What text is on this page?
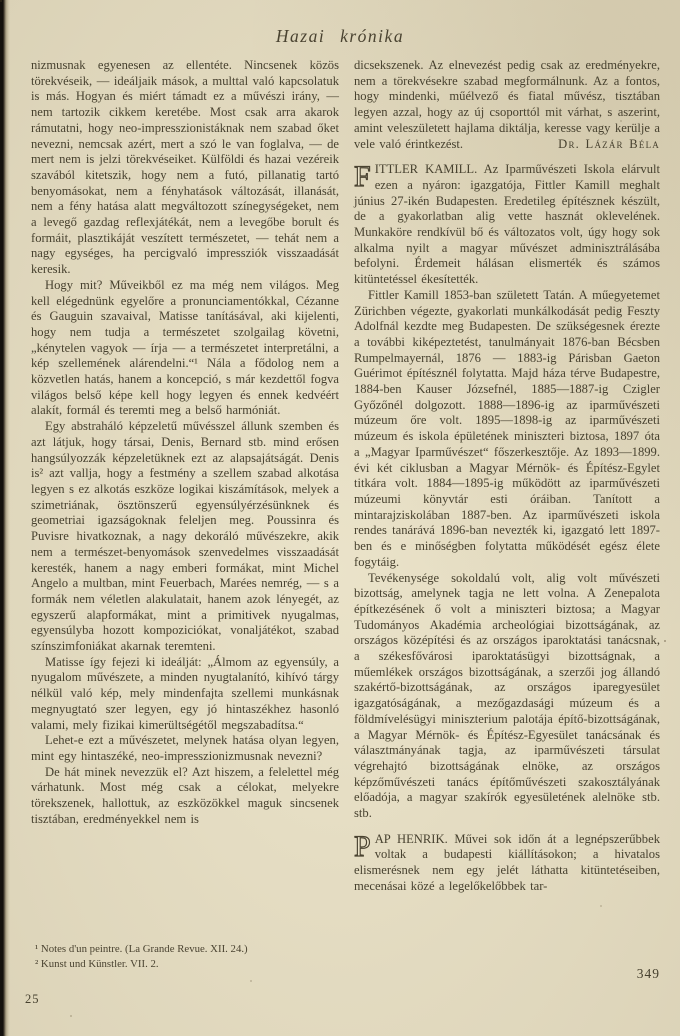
Hazai krónika

nizmusnak egyenesen az ellentéte. Nincsenek közös törekvéseik, — ideáljaik mások, a multtal való kapcsolatuk is más. Hogyan és miért támadt ez a művészi irány, — nem tartozik cikkem keretébe. Most csak arra akarok rámutatni, hogy neo-impresszionistáknak nem szabad őket nevezni, nemcsak azért, mert a szó le van foglalva, — de mert nem is jelzi törekvéseiket. Külföldi és hazai vezéreik szavából kitetszik, hogy nem a futó, pillanatig tartó benyomásokat, nem a fényhatások változását, illanását, nem a fény hatása alatt megváltozott színegységeket, nem a levegő gazdag reflexjátékát, nem a levegőbe borult és formáit, plasztikáját veszített természetet, — tehát nem a nagy egységes, ha percigvaló impressziók visszaadását keresik.

Hogy mit? Műveikből ez ma még nem világos. Meg kell elégednünk egyelőre a pronunciamentókkal, Cézanne és Gauguin szavaival, Matisse tanításával, aki kijelenti, hogy nem tudja a természetet szolgailag követni, „kénytelen vagyok — írja — a természetet interpretálni, a kép szellemének alárendelni.“¹ Nála a fődolog nem a közvetlen hatás, hanem a koncepció, s már kezdettől fogva világos belső képe kell hogy legyen és ennek kedvéért alakít, formál és teremti meg a belső harmóniát.

Egy abstraháló képzeletű művésszel állunk szemben és azt látjuk, hogy társai, Denis, Bernard stb. mind erősen hangsúlyozzák képzeletüknek ezt az alapsajátságát. Denis is² azt vallja, hogy a festmény a szellem szabad alkotása legyen s ez alkotás eszköze logikai kiszámítások, melyek a szimetriának, ösztönszerű egyensúlyérzésünknek és geometriai igazságoknak feleljen meg. Poussinra és Puvisre hivatkoznak, a nagy dekoráló művészekre, akik nem a természet-benyomások szenvedelmes visszaadását keresték, hanem a nagy emberi formákat, mint Michel Angelo a multban, mint Feuerbach, Marées nemrég, — s a formák nem véletlen alakulatait, hanem azok lényegét, az egyszerű alapformákat, mint a primitivek nyugalmas, egyensúlyba hozott kompoziciókat, vonaljátékot, szabad színszimfoniákat akarnak teremteni.

Matisse így fejezi ki ideálját: „Álmom az egyensúly, a nyugalom művészete, a minden nyugtalanító, kihívó tárgy nélkül való kép, mely mindenfajta szellemi munkásnak megnyugtató szer legyen, egy jó hintaszékhez hasonló valami, mely fizikai kimerültségétől megszabadítsa.“

Lehet-e ezt a művészetet, melynek hatása olyan legyen, mint egy hintaszéké, neo-impresszionizmusnak nevezni?

De hát minek nevezzük el? Azt hiszem, a felelettel még várhatunk. Most még csak a célokat, melyekre törekszenek, hallottuk, az eszközökkel maguk sincsenek tisztában, eredményekkel nem is

dicsekszenek. Az elnevezést pedig csak az eredményekre, nem a törekvésekre szabad megformálnunk. Az a fontos, hogy mindenki, műélvező és fiatal művész, tisztában legyen azzal, hogy az új csoporttól mit várhat, s aszerint, amint veleszületett hajlama diktálja, keresse vagy kerülje a vele való érintkezést.	Dr. Lázár Béla

FITTLER KAMILL. Az Iparművészeti Iskola elárvult ezen a nyáron: igazgatója, Fittler Kamill meghalt június 27-ikén Budapesten. Eredetileg építésznek készült, de a gyakorlatban alig vette hasznát oklevelének. Munkaköre rendkívül bő és változatos volt, úgy hogy sok alkalma nyilt a magyar művészet adminisztrálásába befolyni. Érdemeit hálásan elismerték és számos kitüntetéssel ékesítették.

Fittler Kamill 1853-ban született Tatán. A műegyetemet Zürichben végezte, gyakorlati munkálkodását pedig Feszty Adolfnál kezdte meg Budapesten. De szükségesnek érezte a további kiképeztetést, tanulmányait 1876-ban Bécsben Rumpelmayernál, 1876 — 1883-ig Párisban Gaeton Guérimot építésznél folytatta. Majd háza térve Budapestre, 1884-ben Kauser Józsefnél, 1885—1887-ig Czigler Győzőnél dolgozott. 1888—1896-ig az iparművészeti múzeum őre volt. 1895—1898-ig az iparművészeti múzeum és iskola épületének miniszteri biztosa, 1897 óta a „Magyar Iparművészet“ főszerkesztője. Az 1893—1899. évi két ciklusban a Magyar Mérnök- és Építész-Egylet titkára volt. 1884—1895-ig működött az iparművészeti múzeumi könyvtár esti óráiban. Tanított a mintarajziskolában 1887-ben. Az iparművészeti iskola rendes tanárává 1896-ban nevezték ki, igazgató lett 1897-ben és e minőségben folytatta működését egész élete fogytáig.

Tevékenysége sokoldalú volt, alig volt művészeti bizottság, amelynek tagja ne lett volna. A Zenepalota építkezésének ő volt a miniszteri biztosa; a Magyar Tudományos Akadémia archeológiai bizottságának, az országos középítési és az országos iparoktatási tanácsnak, a székesfővárosi iparoktatásügyi bizottságnak, a műemlékek országos bizottságának, a szerzői jog állandó szakértő-bizottságának, az országos iparegyesület igazgatóságának, a mezőgazdasági múzeum és a földmívelésügyi miniszterium palotája építő-bizottságának, a Magyar Mérnök- és Építész-Egyesület tanácsának és választmányának tagja, az iparművészeti társulat végrehajtó bizottságának elnöke, az országos képzőművészeti tanács építőművészeti szakosztályának előadója, a magyar szakírók egyesületének alelnöke stb. stb.

PAP HENRIK. Művei sok időn át a legnépszerűbbek voltak a budapesti kiállításokon; a hivatalos elismerésnek nem egy jelét láthatta kitüntetéseiben, mecenásai közé a legelőkelőbbek tar-

¹ Notes d'un peintre. (La Grande Revue. XII. 24.)
² Kunst und Künstler. VII. 2.
25
349
